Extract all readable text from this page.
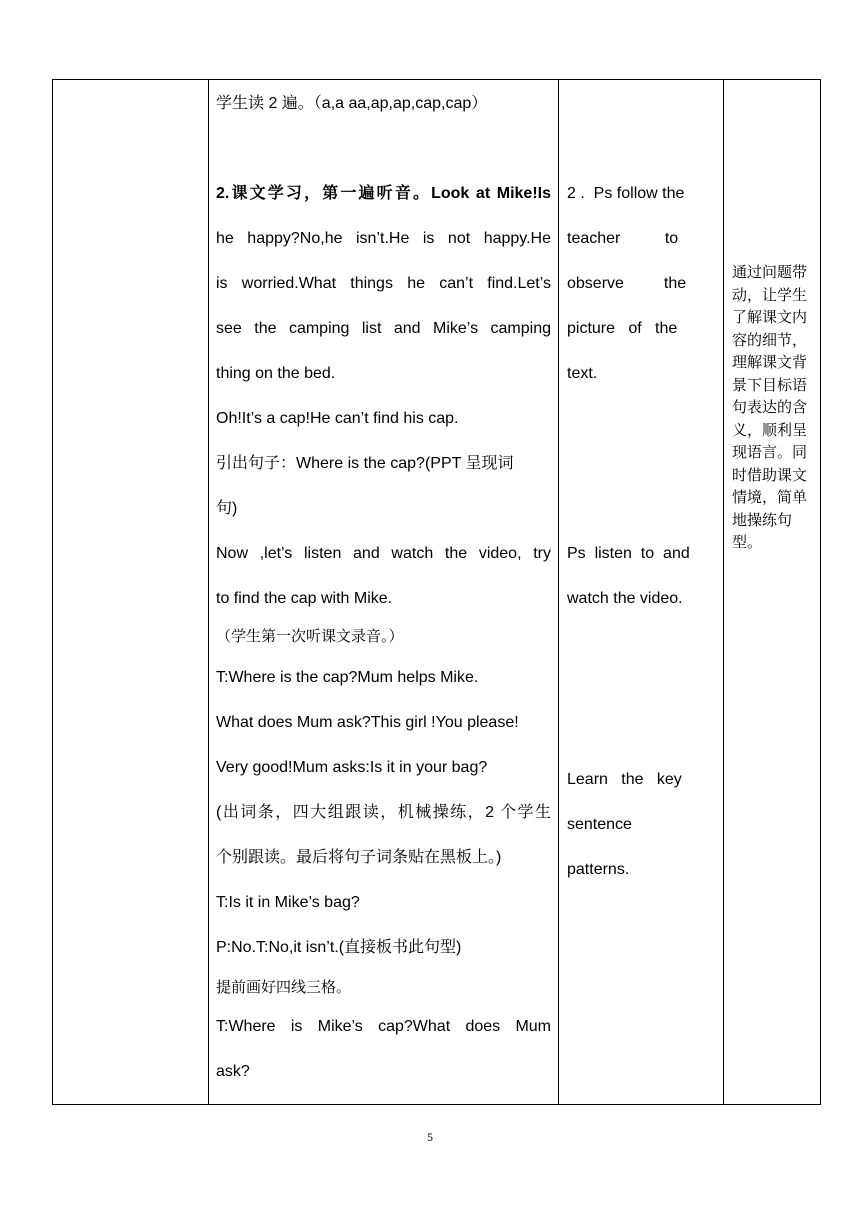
学生读 2 遍。（a,a aa,ap,ap,cap,cap）
2.课文学习，第一遍听音。Look at Mike!Is
he happy?No,he isn’t.He is not happy.He
is worried.What things he can’t find.Let’s
see the camping list and Mike’s camping
thing on the bed.
Oh!It’s a cap!He can’t find his cap.
引出句子：Where is the cap?(PPT 呈现词
句)
Now ,let’s listen and watch the video, try
to find the cap with Mike.
（学生第一次听课文录音。）
T:Where is the cap?Mum helps Mike.
What does Mum ask?This girl !You please!
Very good!Mum asks:Is it in your bag?
(出词条，四大组跟读，机械操练，2 个学生
个别跟读。最后将句子词条贴在黑板上。)
T:Is it in Mike’s bag?
P:No.T:No,it isn’t.(直接板书此句型)
提前画好四线三格。
T:Where is Mike’s cap?What does Mum
ask?
2 .  Ps follow the
teacher          to
observe         the
picture   of   the
text.
Ps  listen  to  and
watch the video.
Learn   the   key
sentence
patterns.
通过问题带动，让学生了解课文内容的细节，理解课文背景下目标语句表达的含义，顺利呈现语言。同时借助课文情境，简单地操练句型。
5
